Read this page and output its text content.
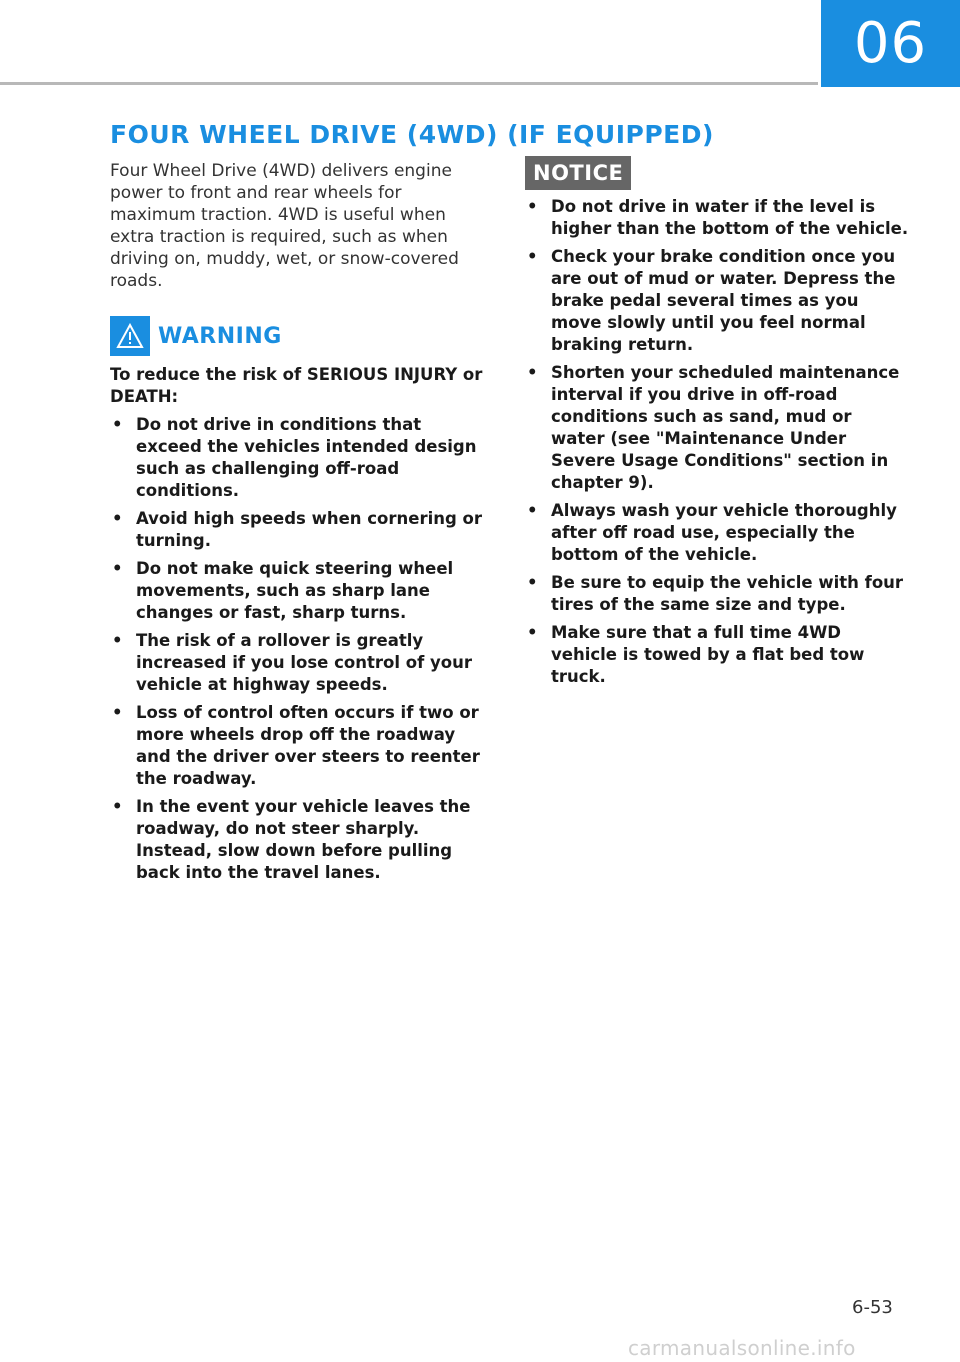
06
FOUR WHEEL DRIVE (4WD) (IF EQUIPPED)

Four Wheel Drive (4WD) delivers engine power to front and rear wheels for maximum traction. 4WD is useful when extra traction is required, such as when driving on, muddy, wet, or snow-covered roads.

WARNING

To reduce the risk of SERIOUS INJURY or DEATH:

• Do not drive in conditions that exceed the vehicles intended design such as challenging off-road conditions.
• Avoid high speeds when cornering or turning.
• Do not make quick steering wheel movements, such as sharp lane changes or fast, sharp turns.
• The risk of a rollover is greatly increased if you lose control of your vehicle at highway speeds.
• Loss of control often occurs if two or more wheels drop off the roadway and the driver over steers to reenter the roadway.
• In the event your vehicle leaves the roadway, do not steer sharply. Instead, slow down before pulling back into the travel lanes.
NOTICE
• Do not drive in water if the level is higher than the bottom of the vehicle.
• Check your brake condition once you are out of mud or water. Depress the brake pedal several times as you move slowly until you feel normal braking return.
• Shorten your scheduled maintenance interval if you drive in off-road conditions such as sand, mud or water (see "Maintenance Under Severe Usage Conditions" section in chapter 9).
• Always wash your vehicle thoroughly after off road use, especially the bottom of the vehicle.
• Be sure to equip the vehicle with four tires of the same size and type.
• Make sure that a full time 4WD vehicle is towed by a flat bed tow truck.
6-53
carmanualsonline.info
